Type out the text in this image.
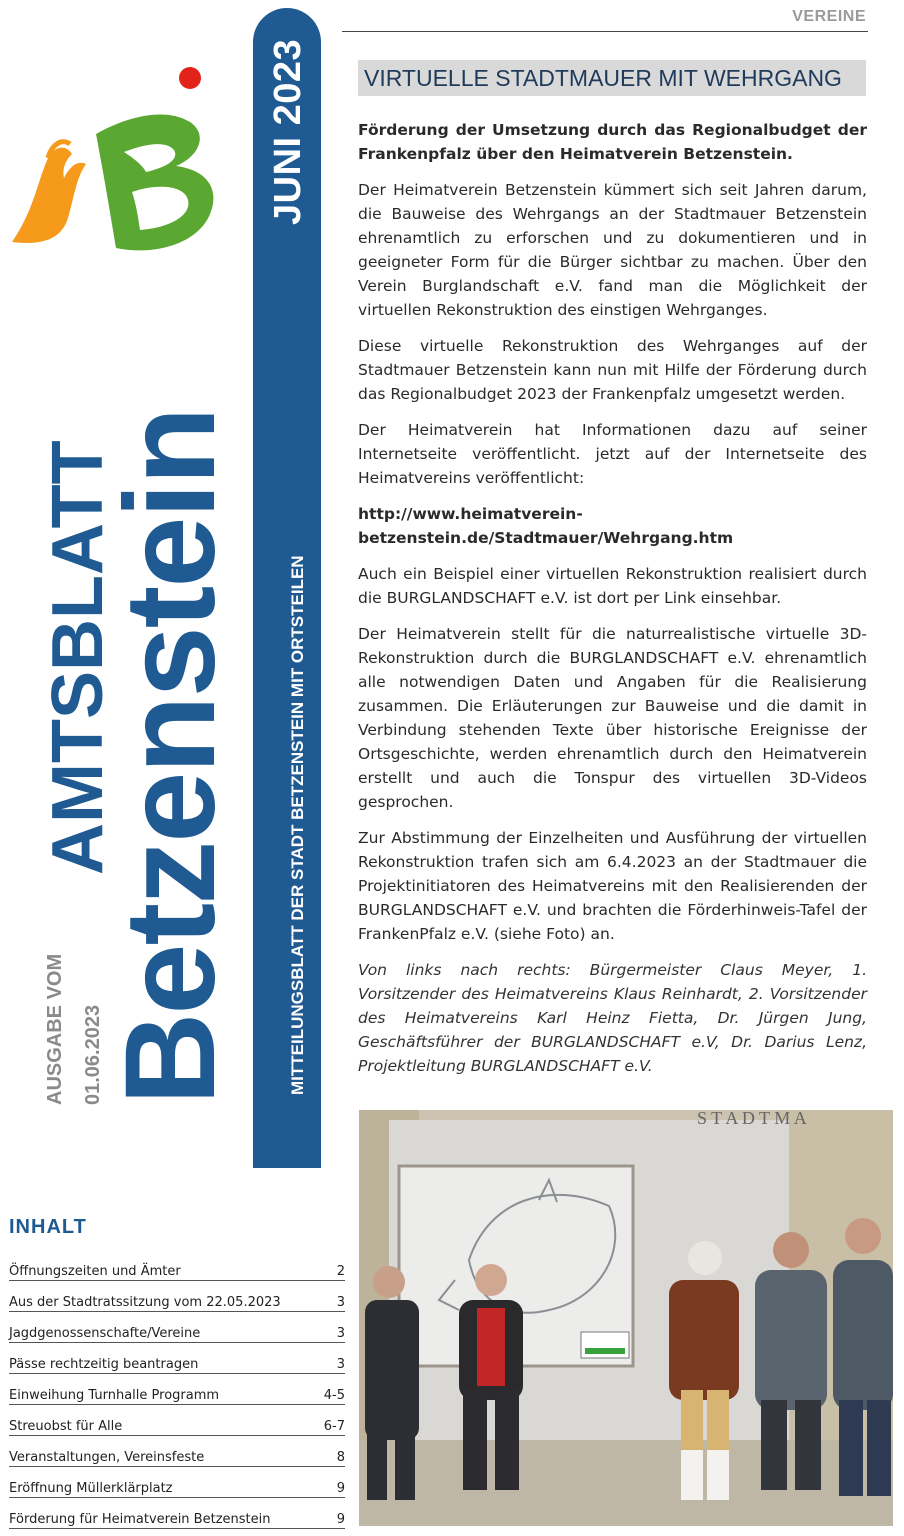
JUNI 2023
MITTEILUNGSBLATT DER STADT BETZENSTEIN MIT ORTSTEILEN
AMTSBLATT
Betzenstein
AUSGABE VOM 01.06.2023
INHALT
Öffnungszeiten und Ämter	2
Aus der Stadtratssitzung vom 22.05.2023	3
Jagdgenossenschafte/Vereine	3
Pässe rechtzeitig beantragen	3
Einweihung Turnhalle Programm	4-5
Streuobst für Alle	6-7
Veranstaltungen, Vereinsfeste	8
Eröffnung Müllerklärplatz	9
Förderung für Heimatverein Betzenstein	9
VEREINE
VIRTUELLE STADTMAUER MIT WEHRGANG

Förderung der Umsetzung durch das Regionalbudget der Frankenpfalz über den Heimatverein Betzenstein.

Der Heimatverein Betzenstein kümmert sich seit Jahren darum, die Bauweise des Wehrgangs an der Stadtmauer Betzenstein ehrenamtlich zu erforschen und zu dokumentieren und in geeigneter Form für die Bürger sichtbar zu machen. Über den Verein Burglandschaft e.V. fand man die Möglichkeit der virtuellen Rekonstruktion des einstigen Wehrganges.

Diese virtuelle Rekonstruktion des Wehrganges auf der Stadtmauer Betzenstein kann nun mit Hilfe der Förderung durch das Regionalbudget 2023 der Frankenpfalz umgesetzt werden.

Der Heimatverein hat Informationen dazu auf seiner Internetseite veröffentlicht. jetzt auf der Internetseite des Heimatvereins veröffentlicht:

http://www.heimatverein-betzenstein.de/Stadtmauer/Wehrgang.htm

Auch ein Beispiel einer virtuellen Rekonstruktion realisiert durch die BURGLANDSCHAFT e.V. ist dort per Link einsehbar.

Der Heimatverein stellt für die naturrealistische virtuelle 3D-Rekonstruktion durch die BURGLANDSCHAFT e.V. ehrenamtlich alle notwendigen Daten und Angaben für die Realisierung zusammen. Die Erläuterungen zur Bauweise und die damit in Verbindung stehenden Texte über historische Ereignisse der Ortsgeschichte, werden ehrenamtlich durch den Heimatverein erstellt und auch die Tonspur des virtuellen 3D-Videos gesprochen.

Zur Abstimmung der Einzelheiten und Ausführung der virtuellen Rekonstruktion trafen sich am 6.4.2023 an der Stadtmauer die Projektinitiatoren des Heimatvereins mit den Realisierenden der BURGLANDSCHAFT e.V. und brachten die Förderhinweis-Tafel der FrankenPfalz e.V. (siehe Foto) an.

Von links nach rechts: Bürgermeister Claus Meyer, 1. Vorsitzender des Heimatvereins Klaus Reinhardt, 2. Vorsitzender des Heimatvereins Karl Heinz Fietta, Dr. Jürgen Jung, Geschäftsführer der BURGLANDSCHAFT e.V, Dr. Darius Lenz, Projektleitung BURGLANDSCHAFT e.V.

S T A D T M A
